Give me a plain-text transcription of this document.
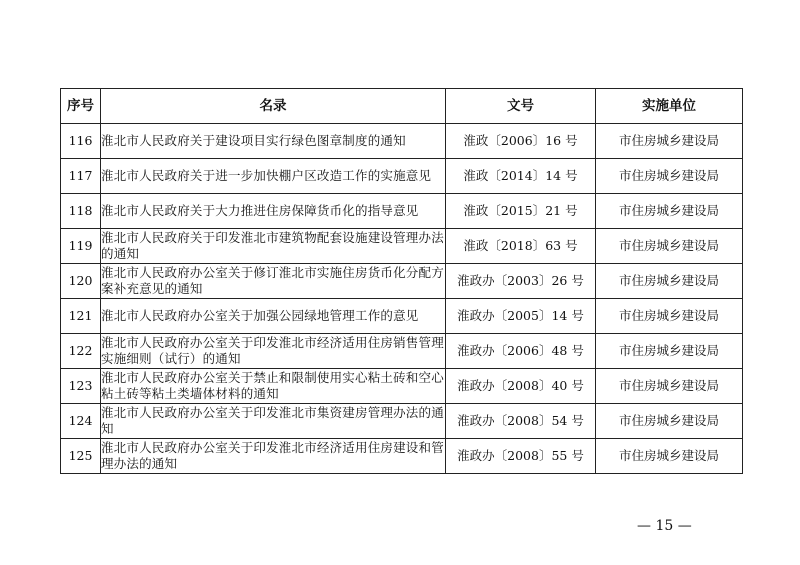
序号	名录	文号	实施单位
116	淮北市人民政府关于建设项目实行绿色图章制度的通知	淮政〔2006〕16 号	市住房城乡建设局
117	淮北市人民政府关于进一步加快棚户区改造工作的实施意见	淮政〔2014〕14 号	市住房城乡建设局
118	淮北市人民政府关于大力推进住房保障货币化的指导意见	淮政〔2015〕21 号	市住房城乡建设局
119	淮北市人民政府关于印发淮北市建筑物配套设施建设管理办法的通知	淮政〔2018〕63 号	市住房城乡建设局
120	淮北市人民政府办公室关于修订淮北市实施住房货币化分配方案补充意见的通知	淮政办〔2003〕26 号	市住房城乡建设局
121	淮北市人民政府办公室关于加强公园绿地管理工作的意见	淮政办〔2005〕14 号	市住房城乡建设局
122	淮北市人民政府办公室关于印发淮北市经济适用住房销售管理实施细则（试行）的通知	淮政办〔2006〕48 号	市住房城乡建设局
123	淮北市人民政府办公室关于禁止和限制使用实心粘土砖和空心粘土砖等粘土类墙体材料的通知	淮政办〔2008〕40 号	市住房城乡建设局
124	淮北市人民政府办公室关于印发淮北市集资建房管理办法的通知	淮政办〔2008〕54 号	市住房城乡建设局
125	淮北市人民政府办公室关于印发淮北市经济适用住房建设和管理办法的通知	淮政办〔2008〕55 号	市住房城乡建设局
— 15 —
